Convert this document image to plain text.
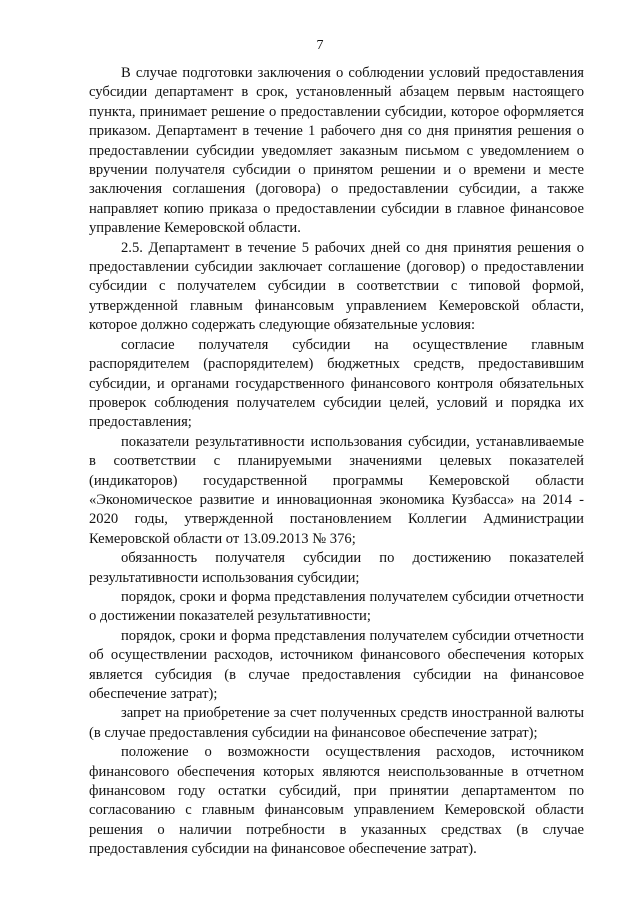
7

В случае подготовки заключения о соблюдении условий предоставления субсидии департамент в срок, установленный абзацем первым настоящего пункта, принимает решение о предоставлении субсидии, которое оформляется приказом. Департамент в течение 1 рабочего дня со дня принятия решения о предоставлении субсидии уведомляет заказным письмом с уведомлением о вручении получателя субсидии о принятом решении и о времени и месте заключения соглашения (договора) о предоставлении субсидии, а также направляет копию приказа о предоставлении субсидии в главное финансовое управление Кемеровской области.

2.5. Департамент в течение 5 рабочих дней со дня принятия решения о предоставлении субсидии заключает соглашение (договор) о предоставлении субсидии с получателем субсидии в соответствии с типовой формой, утвержденной главным финансовым управлением Кемеровской области, которое должно содержать следующие обязательные условия:

согласие получателя субсидии на осуществление главным распорядителем (распорядителем) бюджетных средств, предоставившим субсидии, и органами государственного финансового контроля обязательных проверок соблюдения получателем субсидии целей, условий и порядка их предоставления;

показатели результативности использования субсидии, устанавливаемые в соответствии с планируемыми значениями целевых показателей (индикаторов) государственной программы Кемеровской области «Экономическое развитие и инновационная экономика Кузбасса» на 2014 - 2020 годы, утвержденной постановлением Коллегии Администрации Кемеровской области от 13.09.2013 № 376;

обязанность получателя субсидии по достижению показателей результативности использования субсидии;

порядок, сроки и форма представления получателем субсидии отчетности о достижении показателей результативности;

порядок, сроки и форма представления получателем субсидии отчетности об осуществлении расходов, источником финансового обеспечения которых является субсидия (в случае предоставления субсидии на финансовое обеспечение затрат);

запрет на приобретение за счет полученных средств иностранной валюты (в случае предоставления субсидии на финансовое обеспечение затрат);

положение о возможности осуществления расходов, источником финансового обеспечения которых являются неиспользованные в отчетном финансовом году остатки субсидий, при принятии департаментом по согласованию с главным финансовым управлением Кемеровской области решения о наличии потребности в указанных средствах (в случае предоставления субсидии на финансовое обеспечение затрат).
